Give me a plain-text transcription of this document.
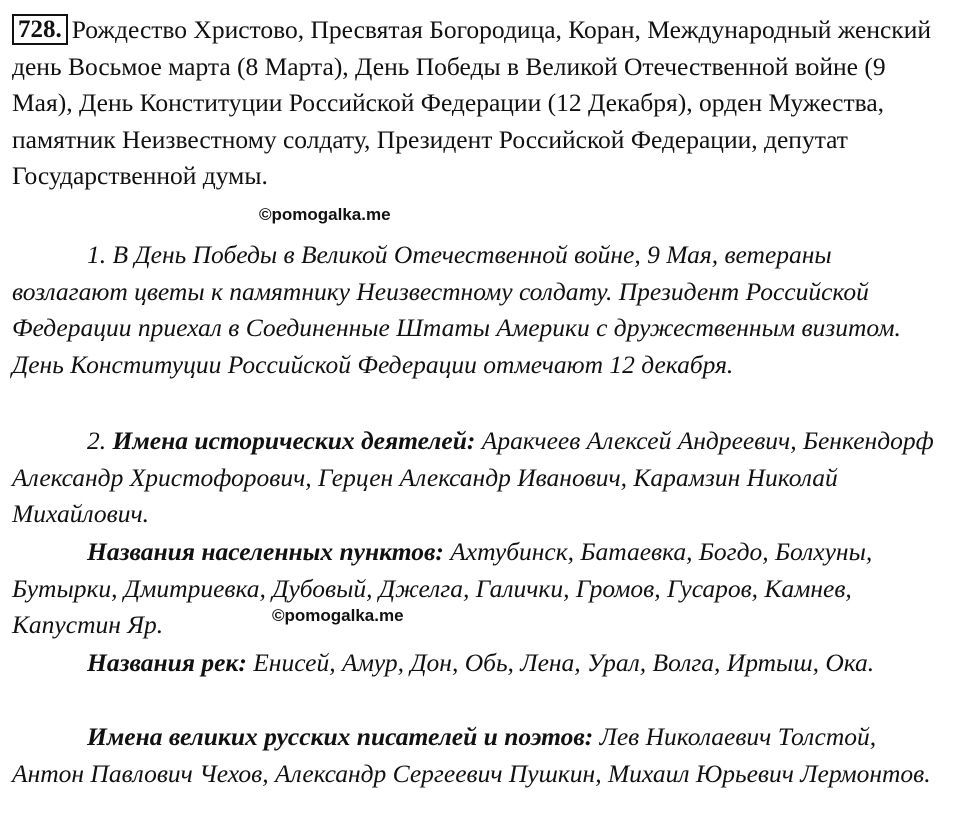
728. Рождество Христово, Пресвятая Богородица, Коран, Международный женский день Восьмое марта (8 Марта), День Победы в Великой Отечественной войне (9 Мая), День Конституции Российской Федерации (12 Декабря), орден Мужества, памятник Неизвестному солдату, Президент Российской Федерации, депутат Государственной думы.

©pomogalka.me

1. В День Победы в Великой Отечественной войне, 9 Мая, ветераны возлагают цветы к памятнику Неизвестному солдату. Президент Российской Федерации приехал в Соединенные Штаты Америки с дружественным визитом. День Конституции Российской Федерации отмечают 12 декабря.

2. Имена исторических деятелей: Аракчеев Алексей Андреевич, Бенкендорф Александр Христофорович, Герцен Александр Иванович, Карамзин Николай Михайлович.

Названия населенных пунктов: Ахтубинск, Батаевка, Богдо, Болхуны, Бутырки, Дмитриевка, Дубовый, Джелга, Галички, Громов, Гусаров, Камнев, Капустин Яр.	©pomogalka.me

Названия рек: Енисей, Амур, Дон, Обь, Лена, Урал, Волга, Иртыш, Ока.

Имена великих русских писателей и поэтов: Лев Николаевич Толстой, Антон Павлович Чехов, Александр Сергеевич Пушкин, Михаил Юрьевич Лермонтов.
